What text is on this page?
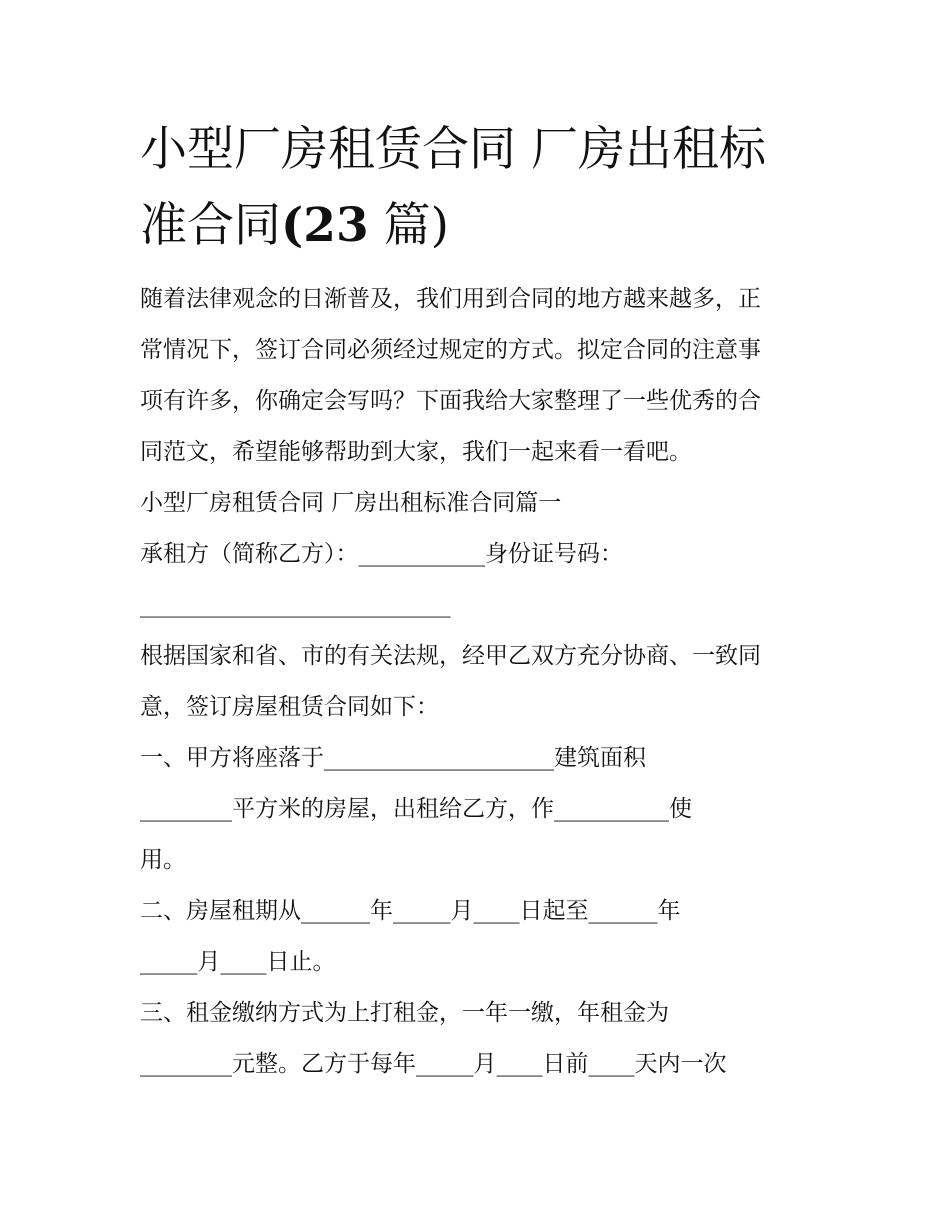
小型厂房租赁合同 厂房出租标
准合同(23 篇)
随着法律观念的日渐普及，我们用到合同的地方越来越多，正
常情况下，签订合同必须经过规定的方式。拟定合同的注意事
项有许多，你确定会写吗？下面我给大家整理了一些优秀的合
同范文，希望能够帮助到大家，我们一起来看一看吧。
小型厂房租赁合同 厂房出租标准合同篇一
承租方（简称乙方）：___________身份证号码：
___________________________
根据国家和省、市的有关法规，经甲乙双方充分协商、一致同
意，签订房屋租赁合同如下：
一、甲方将座落于____________________建筑面积
________平方米的房屋，出租给乙方，作__________使
用。
二、房屋租期从______年_____月____日起至______年
_____月____日止。
三、租金缴纳方式为上打租金，一年一缴，年租金为
________元整。乙方于每年_____月____日前____天内一次
